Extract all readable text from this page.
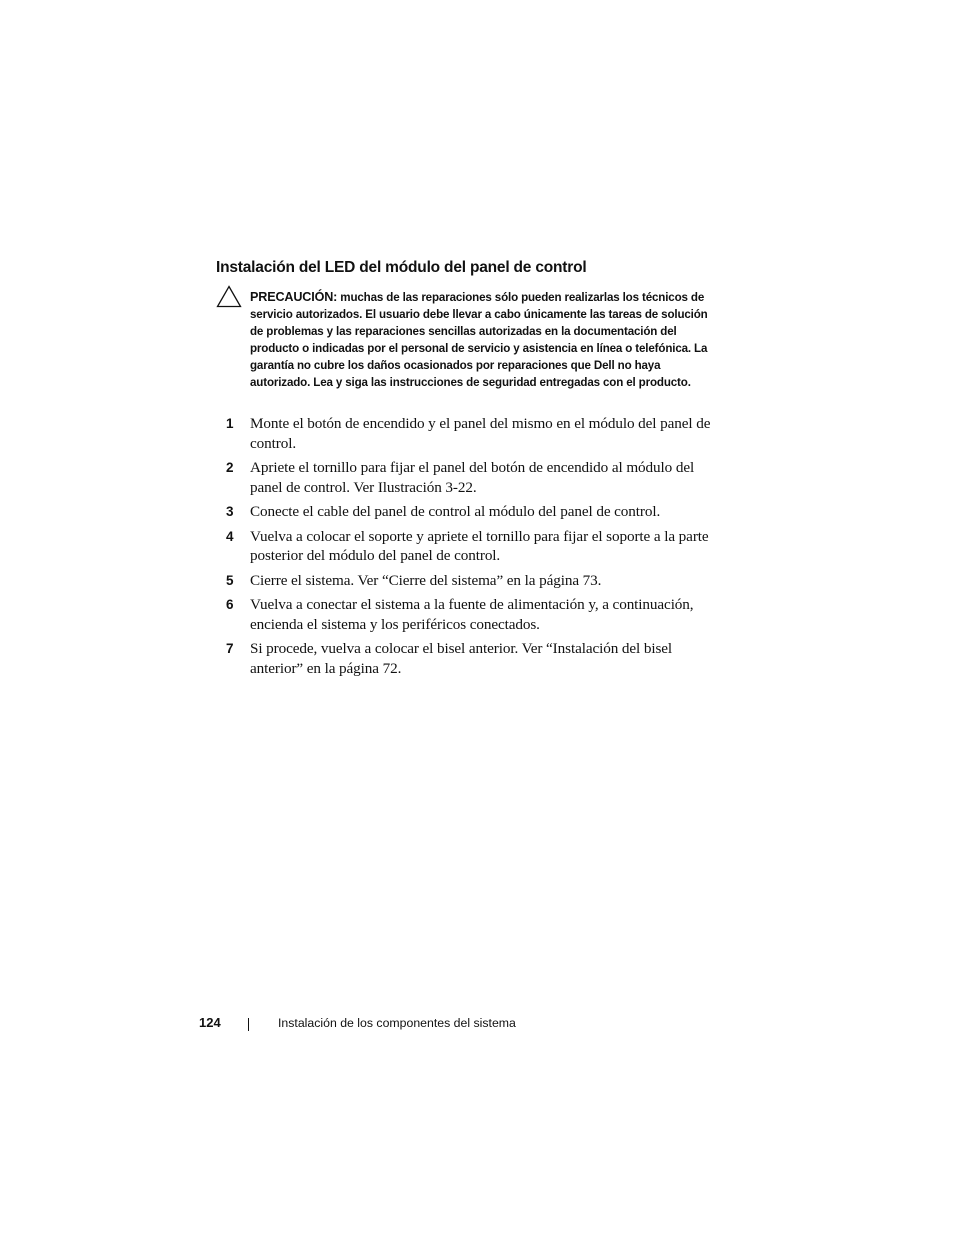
Instalación del LED del módulo del panel de control
PRECAUCIÓN: muchas de las reparaciones sólo pueden realizarlas los técnicos de servicio autorizados. El usuario debe llevar a cabo únicamente las tareas de solución de problemas y las reparaciones sencillas autorizadas en la documentación del producto o indicadas por el personal de servicio y asistencia en línea o telefónica. La garantía no cubre los daños ocasionados por reparaciones que Dell no haya autorizado. Lea y siga las instrucciones de seguridad entregadas con el producto.
1	Monte el botón de encendido y el panel del mismo en el módulo del panel de control.
2	Apriete el tornillo para fijar el panel del botón de encendido al módulo del panel de control. Ver Ilustración 3-22.
3	Conecte el cable del panel de control al módulo del panel de control.
4	Vuelva a colocar el soporte y apriete el tornillo para fijar el soporte a la parte posterior del módulo del panel de control.
5	Cierre el sistema. Ver “Cierre del sistema” en la página 73.
6	Vuelva a conectar el sistema a la fuente de alimentación y, a continuación, encienda el sistema y los periféricos conectados.
7	Si procede, vuelva a colocar el bisel anterior. Ver “Instalación del bisel anterior” en la página 72.
124	Instalación de los componentes del sistema
